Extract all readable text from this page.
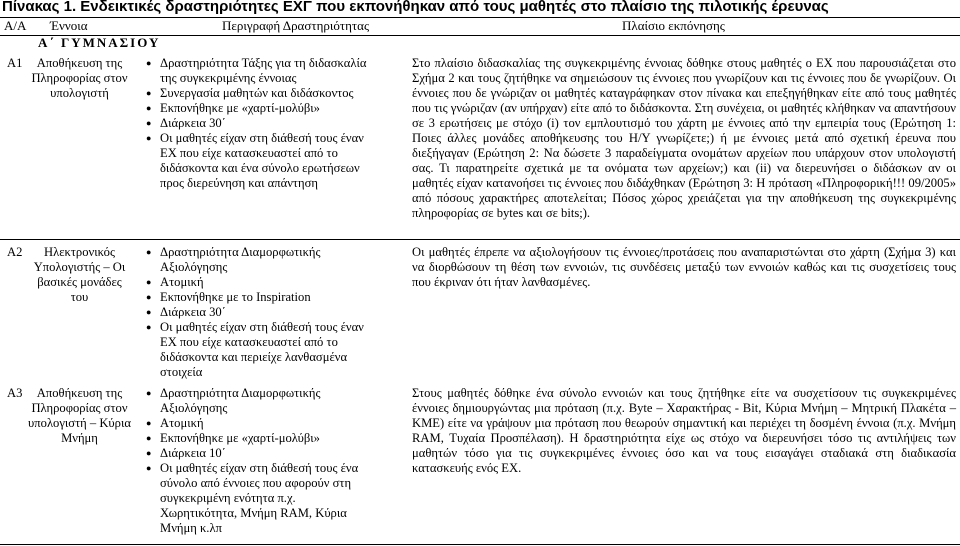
Πίνακας 1. Ενδεικτικές δραστηριότητες ΕΧΓ που εκπονήθηκαν από τους μαθητές στο πλαίσιο της πιλοτικής έρευνας
Α/Α Έννοια	Περιγραφή Δραστηριότητας	Πλαίσιο εκπόνησης
Α΄ ΓΥΜΝΑΣΙΟΥ
Α1	Αποθήκευση της Πληροφορίας στον υπολογιστή
● Δραστηριότητα Τάξης για τη διδασκαλία
της συγκεκριμένης έννοιας
● Συνεργασία μαθητών και διδάσκοντος
● Εκπονήθηκε με «χαρτί-μολύβι»
● Διάρκεια 30΄
● Οι μαθητές είχαν στη διάθεσή τους έναν
ΕΧ που είχε κατασκευαστεί από το
διδάσκοντα και ένα σύνολο ερωτήσεων
προς διερεύνηση και απάντηση

Στο πλαίσιο διδασκαλίας της συγκεκριμένης έννοιας δόθηκε στους μαθητές ο ΕΧ που παρουσιάζεται στο Σχήμα 2 και τους ζητήθηκε να σημειώσουν τις έννοιες που γνωρίζουν και τις έννοιες που δε γνωρίζουν. Οι έννοιες που δε γνώριζαν οι μαθητές καταγράφηκαν στον πίνακα και επεξηγήθηκαν είτε από τους μαθητές που τις γνώριζαν (αν υπήρχαν) είτε από το διδάσκοντα. Στη συνέχεια, οι μαθητές κλήθηκαν να απαντήσουν σε 3 ερωτήσεις με στόχο (i) τον εμπλουτισμό του χάρτη με έννοιες από την εμπειρία τους (Ερώτηση 1: Ποιες άλλες μονάδες αποθήκευσης του Η/Υ γνωρίζετε;) ή με έννοιες μετά από σχετική έρευνα που διεξήγαγαν (Ερώτηση 2: Να δώσετε 3 παραδείγματα ονομάτων αρχείων που υπάρχουν στον υπολογιστή σας. Τι παρατηρείτε σχετικά με τα ονόματα των αρχείων;) και (ii) να διερευνήσει ο διδάσκων αν οι μαθητές είχαν κατανοήσει τις έννοιες που διδάχθηκαν (Ερώτηση 3: Η πρόταση «Πληροφορική!!! 09/2005» από πόσους χαρακτήρες αποτελείται; Πόσος χώρος χρειάζεται για την αποθήκευση της συγκεκριμένης πληροφορίας σε bytes και σε bits;).

Α2	Ηλεκτρονικός Υπολογιστής – Οι βασικές μονάδες του
● Δραστηριότητα Διαμορφωτικής
Αξιολόγησης
● Ατομική
● Εκπονήθηκε με το Inspiration
● Διάρκεια 30΄
● Οι μαθητές είχαν στη διάθεσή τους έναν
ΕΧ που είχε κατασκευαστεί από το
διδάσκοντα και περιείχε λανθασμένα
στοιχεία

Οι μαθητές έπρεπε να αξιολογήσουν τις έννοιες/προτάσεις που αναπαριστώνται στο χάρτη (Σχήμα 3) και να διορθώσουν τη θέση των εννοιών, τις συνδέσεις μεταξύ των εννοιών καθώς και τις συσχετίσεις τους που έκριναν ότι ήταν λανθασμένες.

Α3	Αποθήκευση της Πληροφορίας στον υπολογιστή – Κύρια Μνήμη
● Δραστηριότητα Διαμορφωτικής
Αξιολόγησης
● Ατομική
● Εκπονήθηκε με «χαρτί-μολύβι»
● Διάρκεια 10΄
● Οι μαθητές είχαν στη διάθεσή τους ένα
σύνολο από έννοιες που αφορούν στη
συγκεκριμένη ενότητα π.χ.
Χωρητικότητα, Μνήμη RAM, Κύρια
Μνήμη κ.λπ

Στους μαθητές δόθηκε ένα σύνολο εννοιών και τους ζητήθηκε είτε να συσχετίσουν τις συγκεκριμένες έννοιες δημιουργώντας μια πρόταση (π.χ. Byte – Χαρακτήρας - Bit, Κύρια Μνήμη – Μητρική Πλακέτα – ΚΜΕ) είτε να γράψουν μια πρόταση που θεωρούν σημαντική και περιέχει τη δοσμένη έννοια (π.χ. Μνήμη RAM, Τυχαία Προσπέλαση). Η δραστηριότητα είχε ως στόχο να διερευνήσει τόσο τις αντιλήψεις των μαθητών τόσο για τις συγκεκριμένες έννοιες όσο και να τους εισαγάγει σταδιακά στη διαδικασία κατασκευής ενός ΕΧ.
